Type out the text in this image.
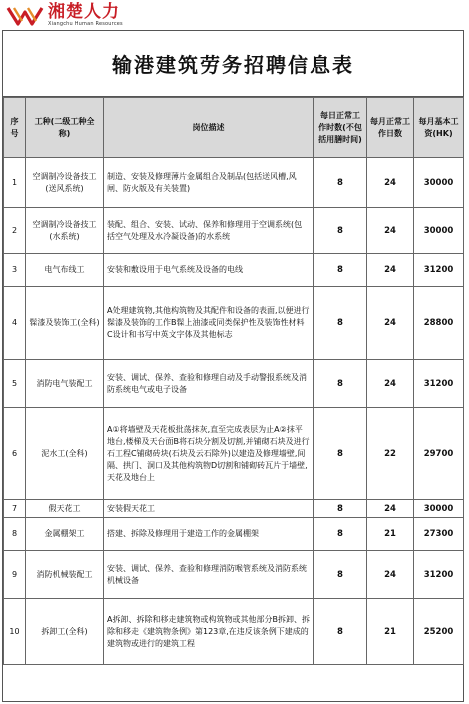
湘楚人力
Xiangchu Human Resources
输港建筑劳务招聘信息表
序号	工种(二级工种全称)	岗位描述	每日正常工作时数(不包括用膳时间)	每月正常工作日数	每月基本工资(HK)
1	空调制冷设备技工(送风系统)	制造、安装及修理薄片金属组合及制品(包括送风槽,风闸、防火版及有关装置)	8	24	30000
2	空调制冷设备技工(水系统)	装配、组合、安装、试动、保养和修理用于空调系统(包括空气处理及水冷凝设备)的水系统	8	24	30000
3	电气布线工	安装和敷设用于电气系统及设备的电线	8	24	31200
4	髹漆及装饰工(全科)	A处理建筑物,其他构筑物及其配件和设备的表面,以便进行髹漆及装饰的工作B髹上油漆或同类保护性及装饰性材料C设计和书写中英文字体及其他标志	8	24	28800
5	消防电气装配工	安装、调试、保养、查验和修理自动及手动警报系统及消防系统电气或电子设备	8	24	31200
6	泥水工(全科)	A①将墙壁及天花板批荡抹灰,直至完成表层为止A②抹平地台,楼梯及天台面B将石块分割及切割,并铺砌石块及进行石工程C铺砌砖块(石块及云石除外)以建造及修理墙壁,间隔、拱门、洞口及其他构筑物D切割和铺砌砖瓦片于墙壁,天花及地台上	8	22	29700
7	假天花工	安装假天花工	8	24	30000
8	金属棚架工	搭建、拆除及修理用于建造工作的金属棚架	8	21	27300
9	消防机械装配工	安装、调试、保养、查验和修理消防喉管系统及消防系统机械设备	8	24	31200
10	拆卸工(全科)	A拆卸、拆除和移走建筑物或构筑物或其他部分B拆卸、拆除和移走《建筑物条例》第123章,在违反该条例下建成的建筑物或进行的建筑工程	8	21	25200
